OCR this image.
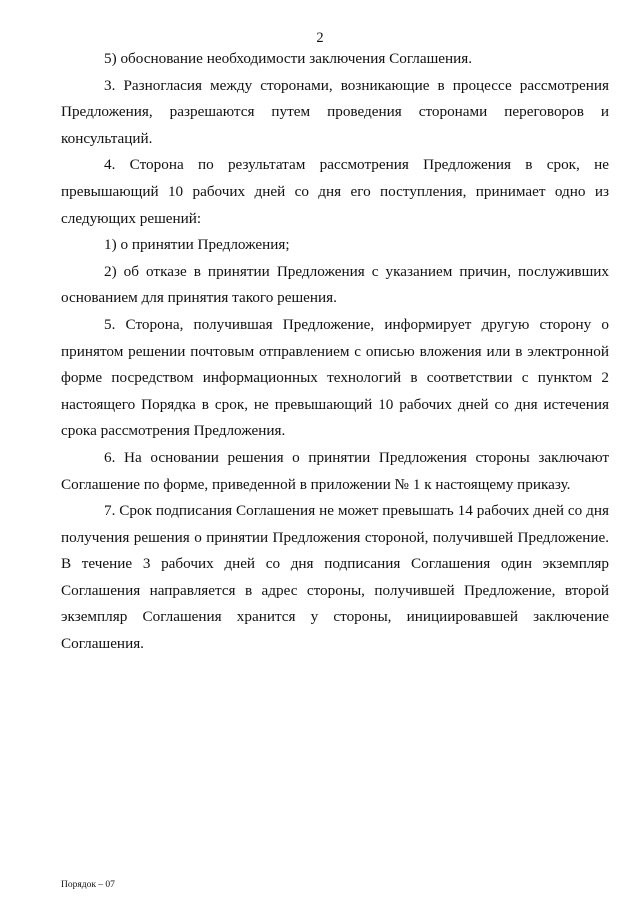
2

5) обоснование необходимости заключения Соглашения.

3. Разногласия между сторонами, возникающие в процессе рассмотрения Предложения, разрешаются путем проведения сторонами переговоров и консультаций.

4. Сторона по результатам рассмотрения Предложения в срок, не превышающий 10 рабочих дней со дня его поступления, принимает одно из следующих решений:

1) о принятии Предложения;

2) об отказе в принятии Предложения с указанием причин, послуживших основанием для принятия такого решения.

5. Сторона, получившая Предложение, информирует другую сторону о принятом решении почтовым отправлением с описью вложения или в электронной форме посредством информационных технологий в соответствии с пунктом 2 настоящего Порядка в срок, не превышающий 10 рабочих дней со дня истечения срока рассмотрения Предложения.

6. На основании решения о принятии Предложения стороны заключают Соглашение по форме, приведенной в приложении № 1 к настоящему приказу.

7. Срок подписания Соглашения не может превышать 14 рабочих дней со дня получения решения о принятии Предложения стороной, получившей Предложение. В течение 3 рабочих дней со дня подписания Соглашения один экземпляр Соглашения направляется в адрес стороны, получившей Предложение, второй экземпляр Соглашения хранится у стороны, инициировавшей заключение Соглашения.

Порядок – 07
